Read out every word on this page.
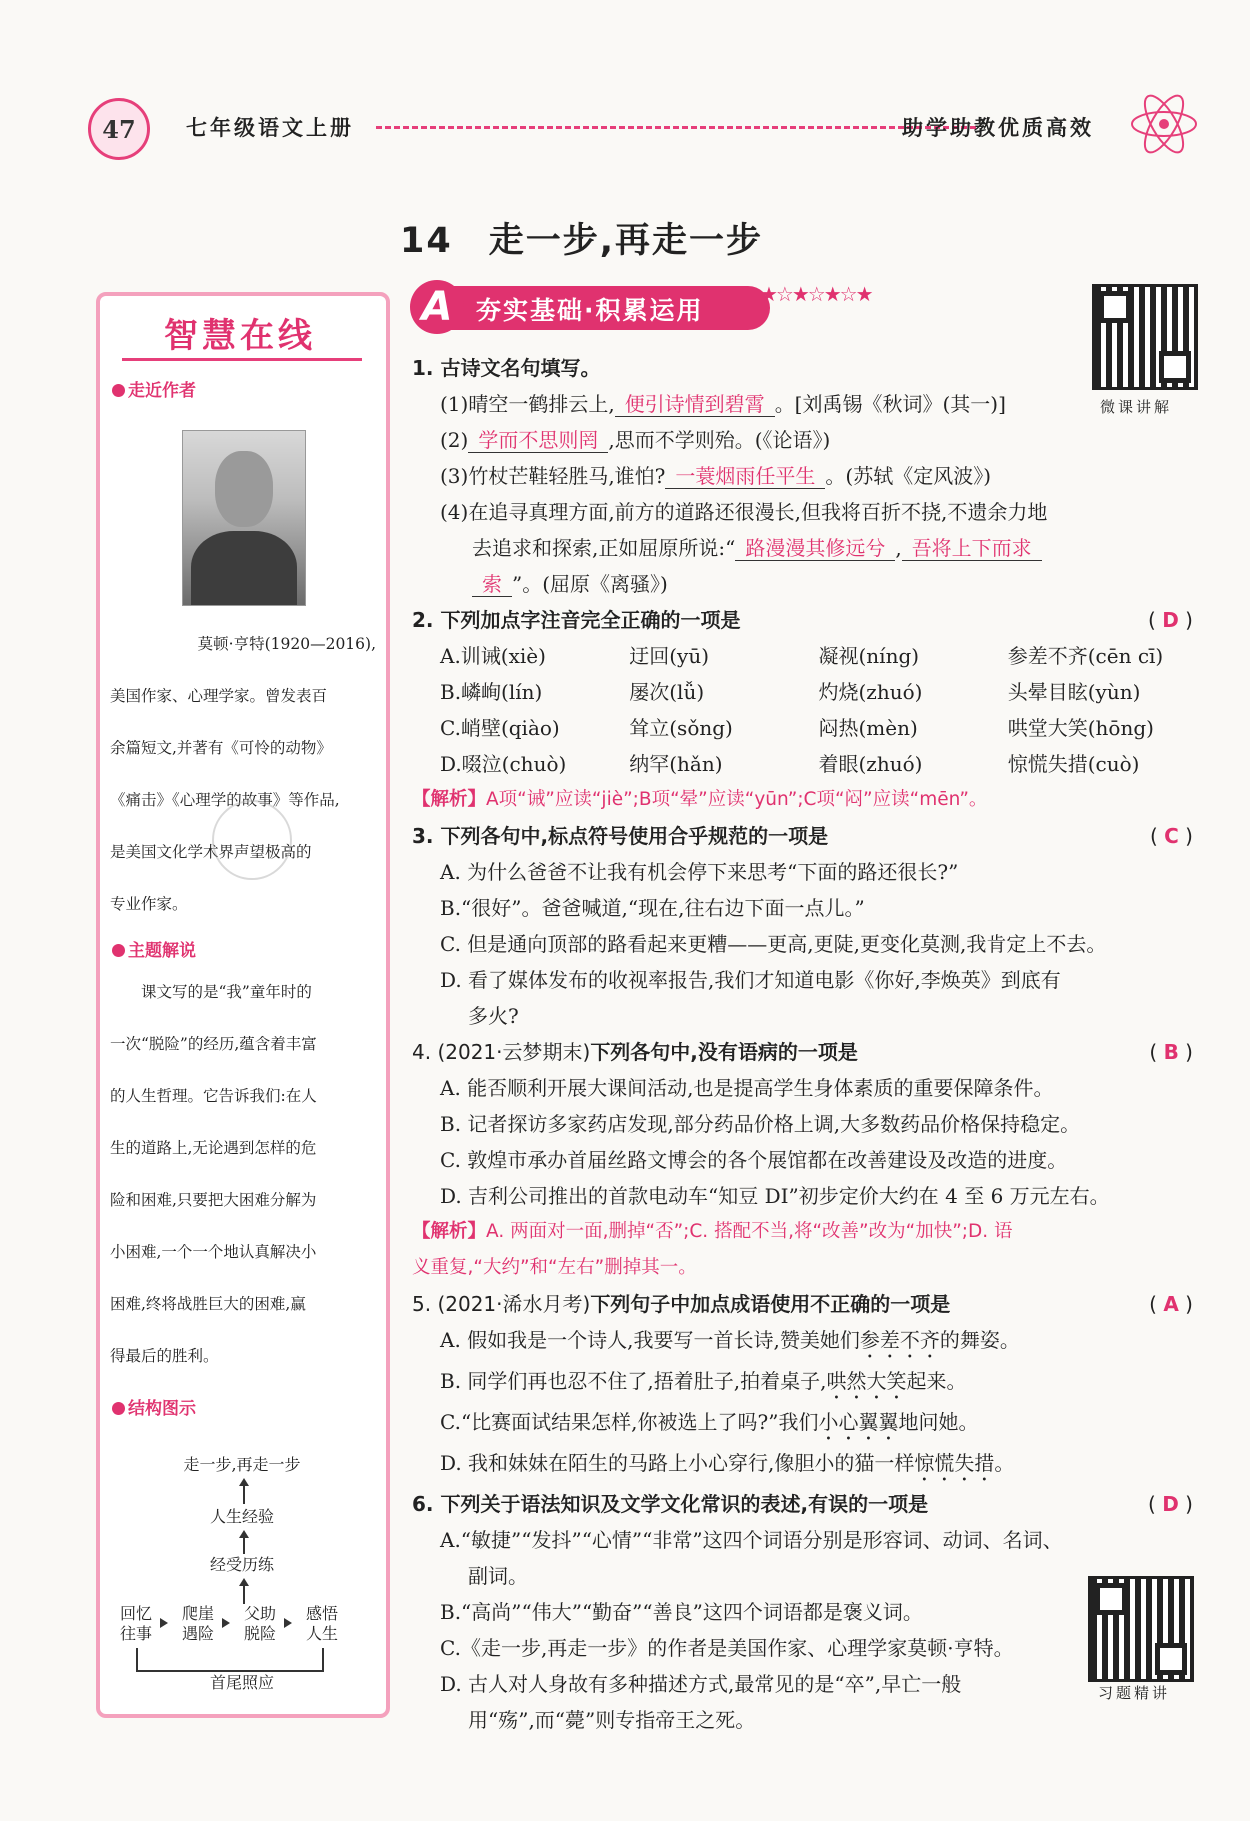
47	七年级语文上册	助学助教优质高效
14 走一步,再走一步
智慧在线
走近作者
莫顿·亨特(1920—2016),
美国作家、心理学家。曾发表百
余篇短文,并著有《可怜的动物》
《痛击》《心理学的故事》等作品,
是美国文化学术界声望极高的
专业作家。
主题解说
课文写的是“我”童年时的
一次“脱险”的经历,蕴含着丰富
的人生哲理。它告诉我们:在人
生的道路上,无论遇到怎样的危
险和困难,只要把大困难分解为
小困难,一个一个地认真解决小
困难,终将战胜巨大的困难,赢
得最后的胜利。
结构图示
走一步,再走一步
人生经验
经受历练
回忆往事
爬崖遇险
父助脱险
感悟人生
首尾照应
A 夯实基础·积累运用
★☆★☆★☆★
微课讲解
习题精讲
1. 古诗文名句填写。
(1)晴空一鹤排云上, 便引诗情到碧霄 。[刘禹锡《秋词》(其一)]
(2) 学而不思则罔 ,思而不学则殆。(《论语》)
(3)竹杖芒鞋轻胜马,谁怕? 一蓑烟雨任平生 。(苏轼《定风波》)
(4)在追寻真理方面,前方的道路还很漫长,但我将百折不挠,不遗余力地
去追求和探索,正如屈原所说:“ 路漫漫其修远兮 , 吾将上下而求
索 ”。(屈原《离骚》)
2. 下列加点字注音完全正确的一项是	( D )
A.训诫(xiè)	迂回(yū)	凝视(níng)	参差不齐(cēn cī)
B.嶙峋(lín)	屡次(lǚ)	灼烧(zhuó)	头晕目眩(yùn)
C.峭壁(qiào)	耸立(sǒng)	闷热(mèn)	哄堂大笑(hōng)
D.啜泣(chuò)	纳罕(hǎn)	着眼(zhuó)	惊慌失措(cuò)
【解析】A项“诫”应读“jiè”;B项“晕”应读“yūn”;C项“闷”应读“mēn”。
3. 下列各句中,标点符号使用合乎规范的一项是	( C )
A. 为什么爸爸不让我有机会停下来思考“下面的路还很长?”
B.“很好”。爸爸喊道,“现在,往右边下面一点儿。”
C. 但是通向顶部的路看起来更糟——更高,更陡,更变化莫测,我肯定上不去。
D. 看了媒体发布的收视率报告,我们才知道电影《你好,李焕英》到底有
多火?
4. (2021·云梦期末)下列各句中,没有语病的一项是	( B )
A. 能否顺利开展大课间活动,也是提高学生身体素质的重要保障条件。
B. 记者探访多家药店发现,部分药品价格上调,大多数药品价格保持稳定。
C. 敦煌市承办首届丝路文博会的各个展馆都在改善建设及改造的进度。
D. 吉利公司推出的首款电动车“知豆 DI”初步定价大约在 4 至 6 万元左右。
【解析】A. 两面对一面,删掉“否”;C. 搭配不当,将“改善”改为“加快”;D. 语
义重复,“大约”和“左右”删掉其一。
5. (2021·浠水月考)下列句子中加点成语使用不正确的一项是	( A )
A. 假如我是一个诗人,我要写一首长诗,赞美她们参差不齐的舞姿。
B. 同学们再也忍不住了,捂着肚子,拍着桌子,哄然大笑起来。
C.“比赛面试结果怎样,你被选上了吗?”我们小心翼翼地问她。
D. 我和妹妹在陌生的马路上小心穿行,像胆小的猫一样惊慌失措。
6. 下列关于语法知识及文学文化常识的表述,有误的一项是	( D )
A.“敏捷”“发抖”“心情”“非常”这四个词语分别是形容词、动词、名词、
副词。
B.“高尚”“伟大”“勤奋”“善良”这四个词语都是褒义词。
C.《走一步,再走一步》的作者是美国作家、心理学家莫顿·亨特。
D. 古人对人身故有多种描述方式,最常见的是“卒”,早亡一般
用“殇”,而“薨”则专指帝王之死。
